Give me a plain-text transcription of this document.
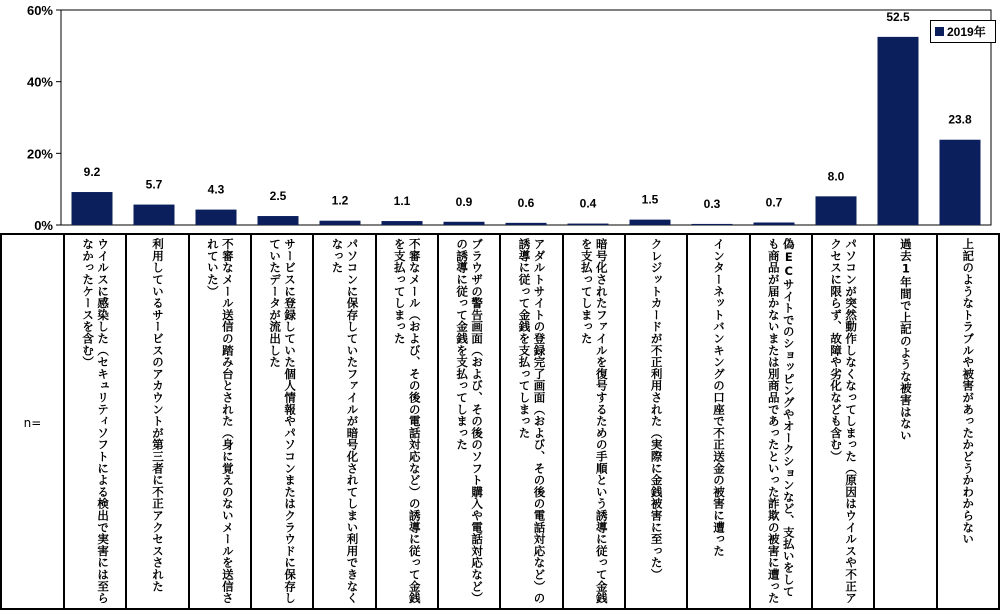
0%
20%
40%
60%
9.2
5.7	4.3	2.5	1.2	1.1	0.9	0.6	0.4	1.5	0.3	0.7
8.0
52.5
23.8
2019年
n=	ウイルスに感染した（セキュリティソフトによる検出で実害には至らなかったケースを含む）	利用しているサービスのアカウントが第三者に不正アクセスされた	不審なメール送信の踏み台とされた（身に覚えのないメールを送信されていた）	サービスに登録していた個人情報やパソコンまたはクラウドに保存していたデータが流出した	パソコンに保存していたファイルが暗号化されてしまい利用できなくなった	不審なメール（および、その後の電話対応など）の誘導に従って金銭を支払ってしまった	ブラウザの警告画面（および、その後のソフト購入や電話対応など）の誘導に従って金銭を支払ってしまった	アダルトサイトの登録完了画面（および、その後の電話対応など）の誘導に従って金銭を支払ってしまった	暗号化されたファイルを復号するための手順という誘導に従って金銭を支払ってしまった	クレジットカードが不正利用された（実際に金銭被害に至った）	インターネットバンキングの口座で不正送金の被害に遭った	偽ECサイトでのショッピングやオークションなど、支払いをしても商品が届かないまたは別商品であったといった詐欺の被害に遭った	パソコンが突然動作しなくなってしまった（原因はウイルスや不正アクセスに限らず、故障や劣化なども含む）	過去1年間で上記のような被害はない	上記のようなトラブルや被害があったかどうかわからない
